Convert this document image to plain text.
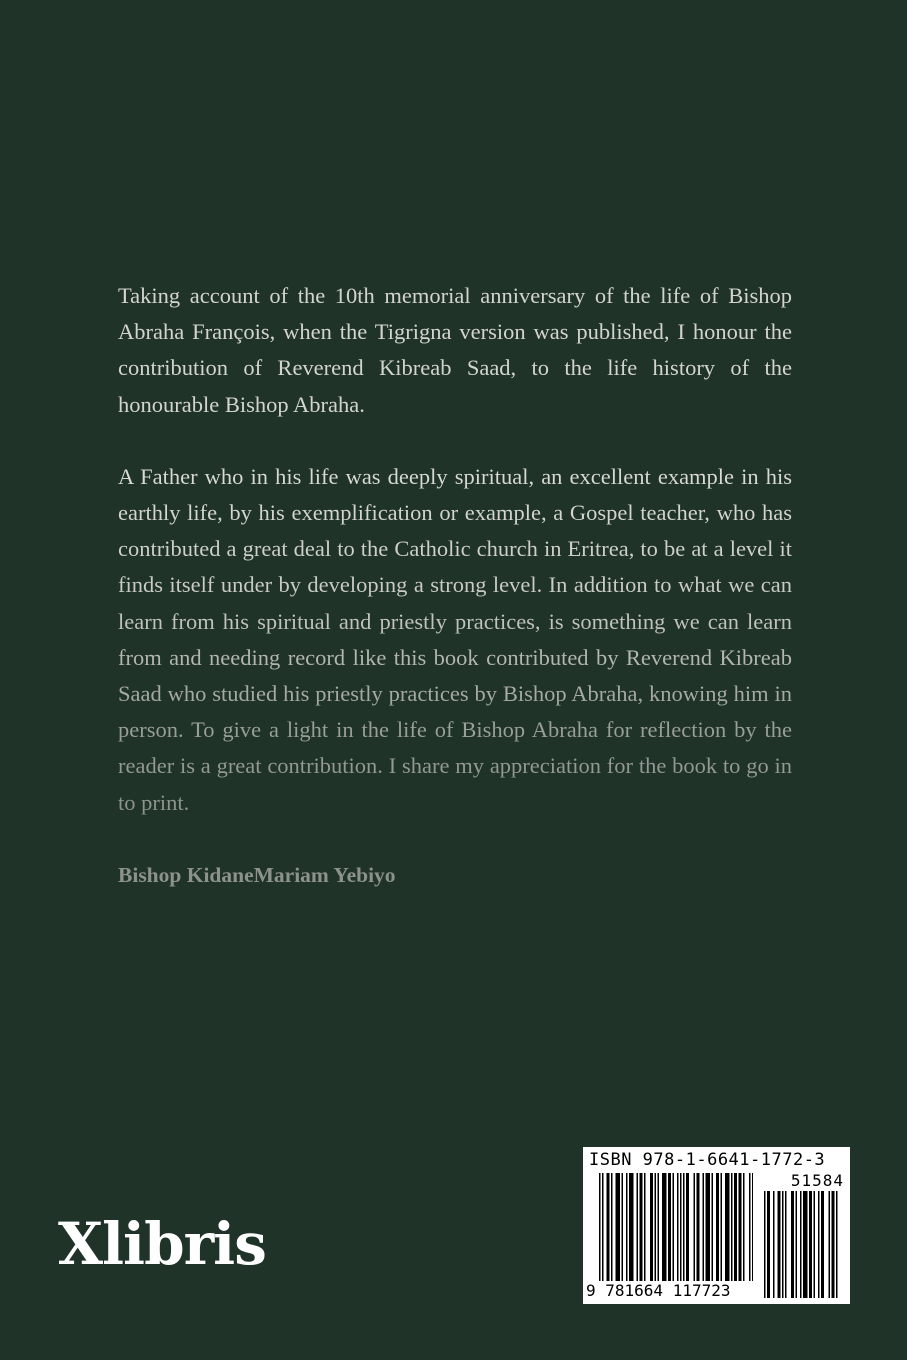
Taking account of the 10th memorial anniversary of the life of Bishop Abraha François, when the Tigrigna version was published, I honour the contribution of Reverend Kibreab Saad, to the life history of the honourable Bishop Abraha.

A Father who in his life was deeply spiritual, an excellent example in his earthly life, by his exemplification or example, a Gospel teacher, who has contributed a great deal to the Catholic church in Eritrea, to be at a level it finds itself under by developing a strong level. In addition to what we can learn from his spiritual and priestly practices, is something we can learn from and needing record like this book contributed by Reverend Kibreab Saad who studied his priestly practices by Bishop Abraha, knowing him in person. To give a light in the life of Bishop Abraha for reflection by the reader is a great contribution. I share my appreciation for the book to go in to print.

Bishop KidaneMariam Yebiyo
Xlibris
ISBN 978-1-6641-1772-3
51584
9 781664 117723
